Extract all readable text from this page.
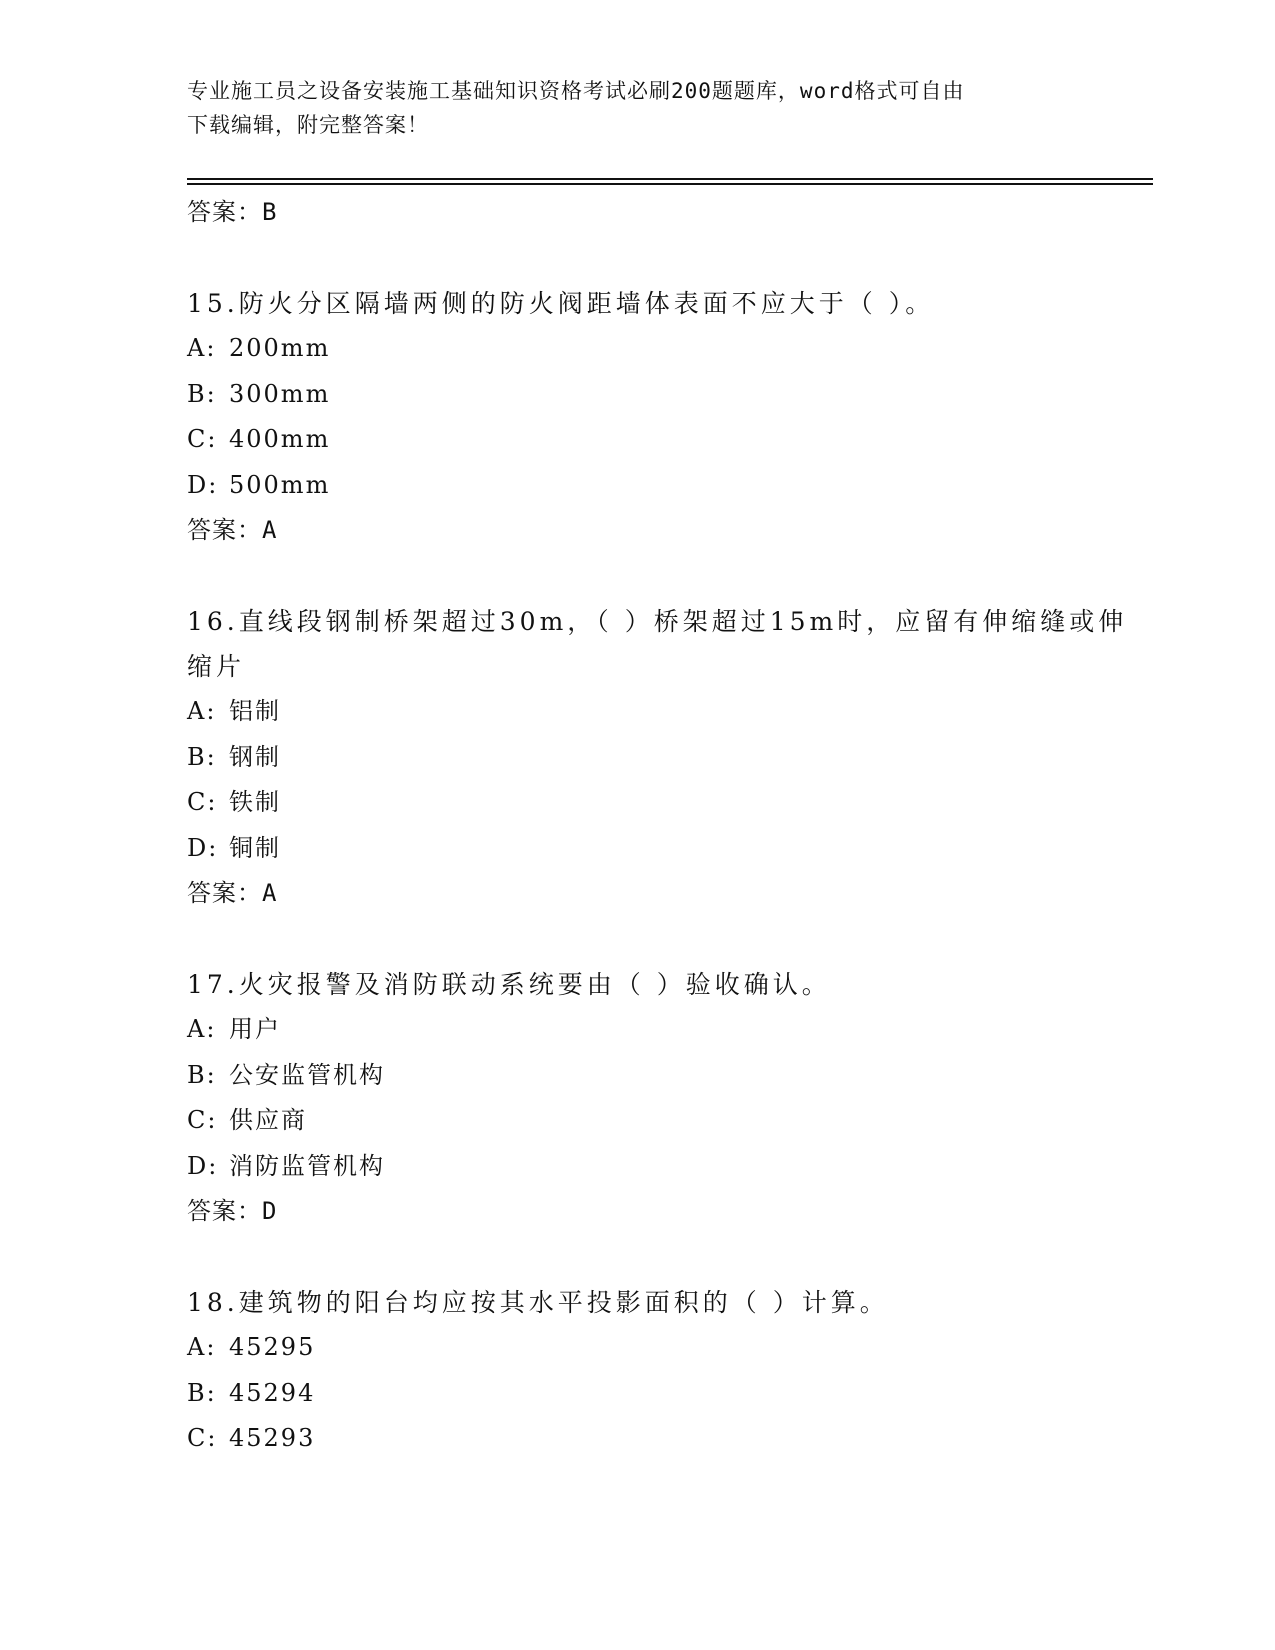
专业施工员之设备安装施工基础知识资格考试必刷200题题库，word格式可自由
下载编辑，附完整答案！
答案：B
15.防火分区隔墙两侧的防火阀距墙体表面不应大于（ ）。
A: 200mm
B: 300mm
C: 400mm
D: 500mm
答案：A
16.直线段钢制桥架超过30m，（ ）桥架超过15m时，应留有伸缩缝或伸缩片
A: 铝制
B: 钢制
C: 铁制
D: 铜制
答案：A
17.火灾报警及消防联动系统要由（ ）验收确认。
A: 用户
B: 公安监管机构
C: 供应商
D: 消防监管机构
答案：D
18.建筑物的阳台均应按其水平投影面积的（ ）计算。
A: 45295
B: 45294
C: 45293
